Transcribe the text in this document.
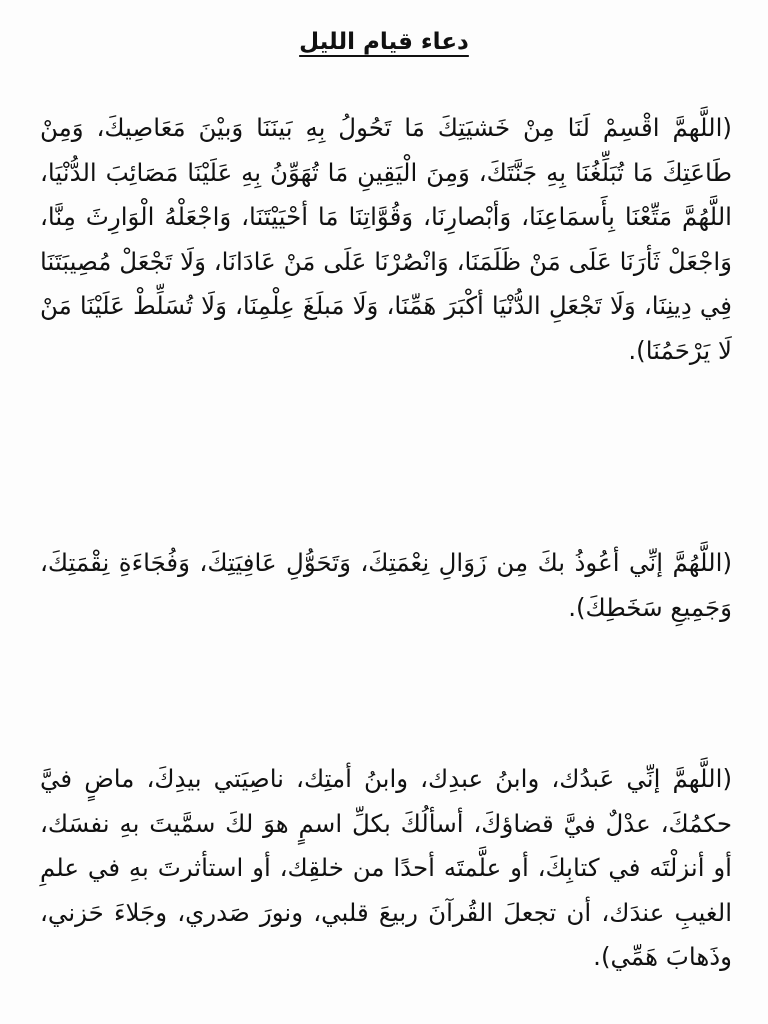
دعاء قيام الليل

(اللَّهمَّ اقْسِمْ لَنَا مِنْ خَشيَتِكَ مَا تَحُولُ بِهِ بَينَنَا وَبيْنَ مَعَاصِيكَ، وَمِنْ طَاعَتِكَ مَا تُبَلِّغُنَا بِهِ جَنَّتَكَ، وَمِنَ الْيَقِينِ مَا تُهَوِّنُ بِهِ عَلَيْنَا مَصَائِبَ الدُّنْيَا، اللَّهُمَّ مَتِّعْنَا بِأَسمَاعِنَا، وَأبْصارِنَا، وَقُوَّاتِنَا مَا أحْيَيْتَنَا، وَاجْعَلْهُ الْوَارِثَ مِنَّا، وَاجْعَلْ ثَأرَنَا عَلَى مَنْ ظَلَمَنَا، وَانْصُرْنَا عَلَى مَنْ عَادَانَا، وَلَا تَجْعَلْ مُصِيبَتَنَا فِي دِينِنَا، وَلَا تَجْعَلِ الدُّنْيَا أكْبَرَ هَمِّنَا، وَلَا مَبلَغَ عِلْمِنَا، وَلَا تُسَلِّطْ عَلَيْنَا مَنْ لَا يَرْحَمُنَا).

(اللَّهُمَّ إنِّي أعُوذُ بكَ مِن زَوَالِ نِعْمَتِكَ، وَتَحَوُّلِ عَافِيَتِكَ، وَفُجَاءَةِ نِقْمَتِكَ، وَجَمِيعِ سَخَطِكَ).

(اللَّهمَّ إنِّي عَبدُك، وابنُ عبدِك، وابنُ أمتِك، ناصِيَتي بيدِكَ، ماضٍ فيَّ حكمُكَ، عدْلٌ فيَّ قضاؤكَ، أسألُكَ بكلِّ اسمٍ هوَ لكَ سمَّيتَ بهِ نفسَك، أو أنزلْتَه في كتابِكَ، أو علَّمتَه أحدًا من خلقِك، أو استأثرتَ بهِ في علمِ الغيبِ عندَك، أن تجعلَ القُرآنَ ربيعَ قلبي، ونورَ صَدري، وجَلاءَ حَزني، وذَهابَ هَمِّي).
